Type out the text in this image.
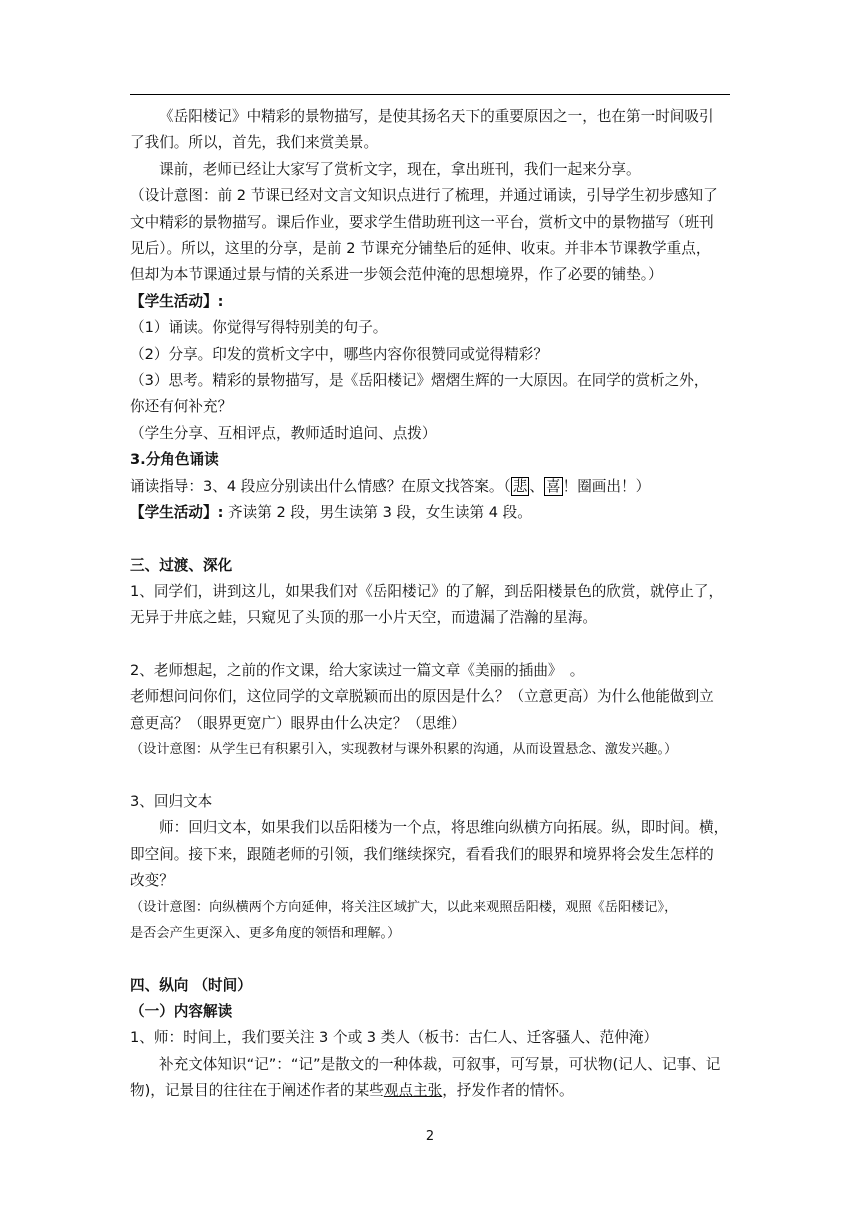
《岳阳楼记》中精彩的景物描写，是使其扬名天下的重要原因之一，也在第一时间吸引
了我们。所以，首先，我们来赏美景。
课前，老师已经让大家写了赏析文字，现在，拿出班刊，我们一起来分享。
（设计意图：前 2 节课已经对文言文知识点进行了梳理，并通过诵读，引导学生初步感知了
文中精彩的景物描写。课后作业，要求学生借助班刊这一平台，赏析文中的景物描写（班刊
见后）。所以，这里的分享，是前 2 节课充分铺垫后的延伸、收束。并非本节课教学重点，
但却为本节课通过景与情的关系进一步领会范仲淹的思想境界，作了必要的铺垫。）
【学生活动】:
（1）诵读。你觉得写得特别美的句子。
（2）分享。印发的赏析文字中，哪些内容你很赞同或觉得精彩？
（3）思考。精彩的景物描写，是《岳阳楼记》熠熠生辉的一大原因。在同学的赏析之外，
你还有何补充？
（学生分享、互相评点，教师适时追问、点拨）
3.分角色诵读
诵读指导：3、4 段应分别读出什么情感？在原文找答案。（ 悲 、 喜 ！圈画出！）
【学生活动】: 齐读第 2 段，男生读第 3 段，女生读第 4 段。
三、过渡、深化
1、同学们，讲到这儿，如果我们对《岳阳楼记》的了解，到岳阳楼景色的欣赏，就停止了，
无异于井底之蛙，只窥见了头顶的那一小片天空，而遗漏了浩瀚的星海。
2、老师想起，之前的作文课，给大家读过一篇文章《美丽的插曲》　。
老师想问问你们，这位同学的文章脱颖而出的原因是什么？（立意更高）为什么他能做到立
意更高？（眼界更宽广）眼界由什么决定？（思维）
（设计意图：从学生已有积累引入，实现教材与课外积累的沟通，从而设置悬念、激发兴趣。）
3、回归文本
师：回归文本，如果我们以岳阳楼为一个点，将思维向纵横方向拓展。纵，即时间。横，
即空间。接下来，跟随老师的引领，我们继续探究，看看我们的眼界和境界将会发生怎样的
改变？
（设计意图：向纵横两个方向延伸，将关注区域扩大，以此来观照岳阳楼，观照《岳阳楼记》，
是否会产生更深入、更多角度的领悟和理解。）
四、纵向 （时间）
（一）内容解读
1、师：时间上，我们要关注 3 个或 3 类人（板书：古仁人、迁客骚人、范仲淹）
补充文体知识“记”：“记”是散文的一种体裁，可叙事，可写景，可状物(记人、记事、记
物)，记景目的往往在于阐述作者的某些观点主张，抒发作者的情怀。
2
